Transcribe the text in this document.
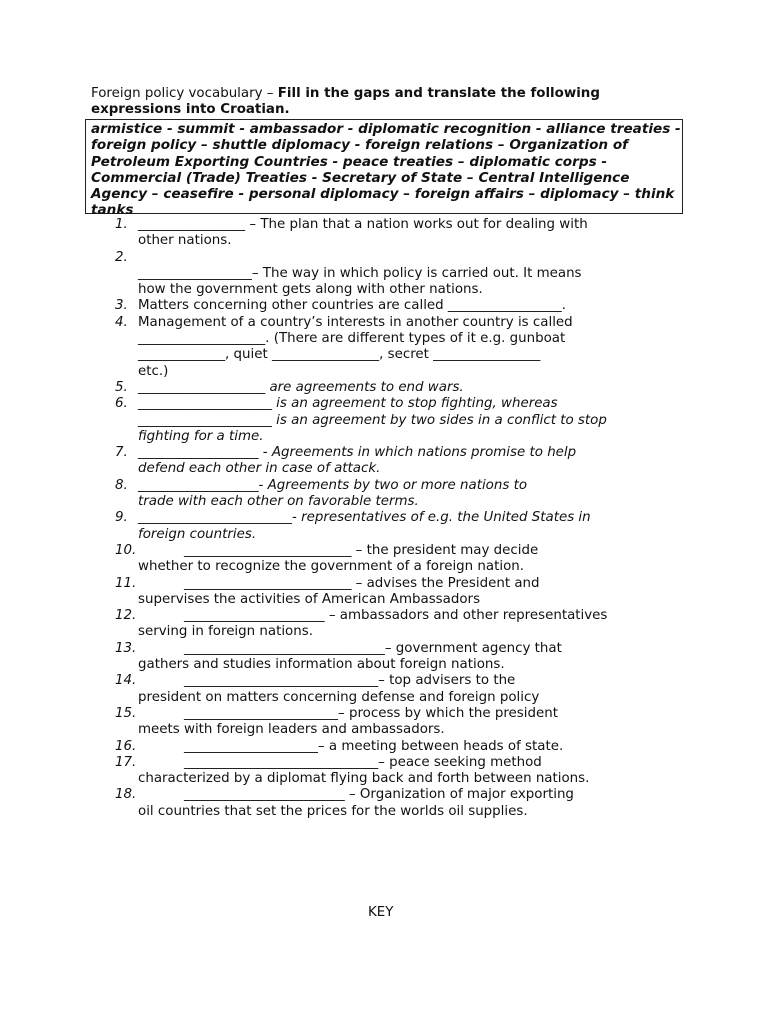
Foreign policy vocabulary – Fill in the gaps and translate the following expressions into Croatian.
armistice - summit - ambassador - diplomatic recognition - alliance treaties - foreign policy – shuttle diplomacy - foreign relations – Organization of Petroleum Exporting Countries - peace treaties – diplomatic corps - Commercial (Trade) Treaties - Secretary of State – Central Intelligence Agency – ceasefire - personal diplomacy – foreign affairs – diplomacy – think tanks
1. ________________ – The plan that a nation works out for dealing with
other nations.
2.

_________________– The way in which policy is carried out. It means
how the government gets along with other nations.
3. Matters concerning other countries are called _________________.
4. Management of a country’s interests in another country is called
___________________. (There are different types of it e.g. gunboat
_____________, quiet ________________, secret ________________
etc.)
5. ___________________ are agreements to end wars.
6. ____________________ is an agreement to stop fighting, whereas
____________________ is an agreement by two sides in a conflict to stop
fighting for a time.
7. __________________ - Agreements in which nations promise to help
defend each other in case of attack.
8. __________________- Agreements by two or more nations to
trade with each other on favorable terms.
9. _______________________- representatives of e.g. the United States in
foreign countries.
10.	_________________________ – the president may decide
whether to recognize the government of a foreign nation.
11.	_________________________ – advises the President and
supervises the activities of American Ambassadors
12.	_____________________ – ambassadors and other representatives
serving in foreign nations.
13.	______________________________– government agency that
gathers and studies information about foreign nations.
14.	_____________________________– top advisers to the
president on matters concerning defense and foreign policy
15.	_______________________– process by which the president
meets with foreign leaders and ambassadors.
16.	____________________– a meeting between heads of state.
17.	_____________________________– peace seeking method
characterized by a diplomat flying back and forth between nations.
18.	________________________ – Organization of major exporting
oil countries that set the prices for the worlds oil supplies.
KEY
